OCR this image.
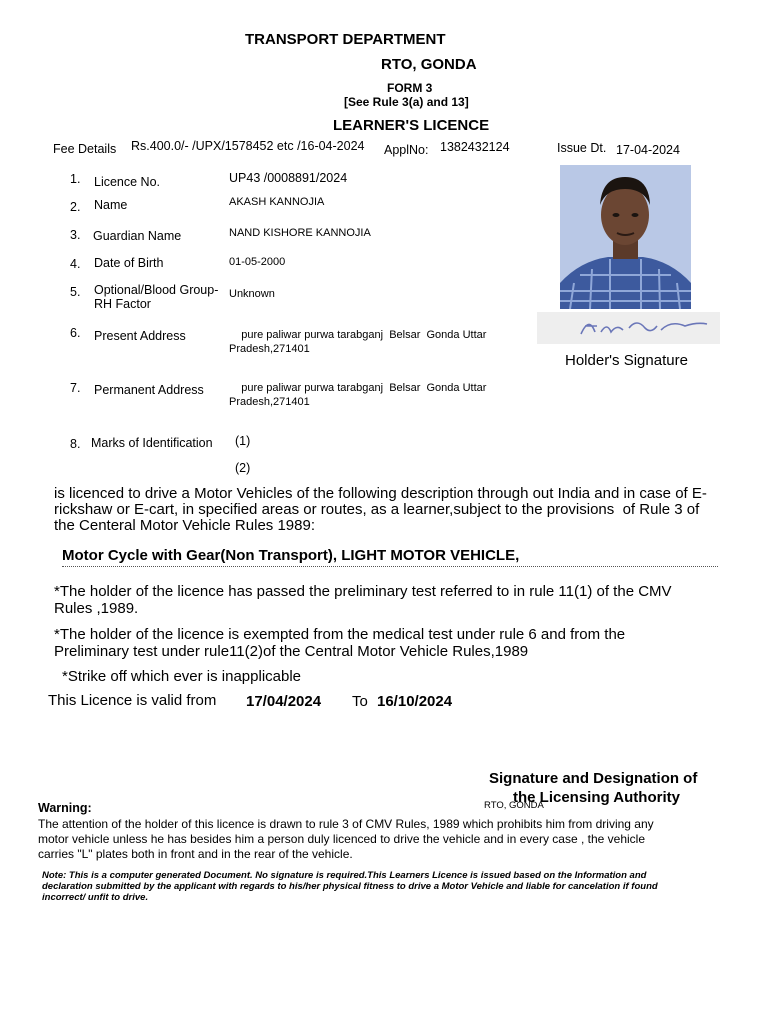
TRANSPORT DEPARTMENT
RTO, GONDA
FORM 3
[See Rule 3(a) and 13]
LEARNER'S LICENCE
Fee Details Rs.400.0/- /UPX/1578452 etc /16-04-2024 ApplNo: 1382432124	Issue Dt. 17-04-2024
1. Licence No.	UP43 /0008891/2024
2. Name	AKASH KANNOJIA
3. Guardian Name	NAND KISHORE KANNOJIA
4. Date of Birth	01-05-2000
5. Optional/Blood Group-
RH Factor
Unknown
6. Present Address	pure paliwar purwa tarabganj  Belsar  Gonda Uttar
Pradesh,271401
7. Permanent Address pure paliwar purwa tarabganj  Belsar  Gonda Uttar
Pradesh,271401
8. Marks of Identification (1)
(2)
Holder's Signature
is licenced to drive a Motor Vehicles of the following description through out India and in case of E-
rickshaw or E-cart, in specified areas or routes, as a learner,subject to the provisions  of Rule 3 of
the Centeral Motor Vehicle Rules 1989:
Motor Cycle with Gear(Non Transport), LIGHT MOTOR VEHICLE,
*The holder of the licence has passed the preliminary test referred to in rule 11(1) of the CMV
Rules ,1989.
*The holder of the licence is exempted from the medical test under rule 6 and from the
Preliminary test under rule11(2)of the Central Motor Vehicle Rules,1989
*Strike off which ever is inapplicable
This Licence is valid from 17/04/2024 To 16/10/2024
Signature and Designation of
the Licensing Authority
RTO, GONDA
Warning:
The attention of the holder of this licence is drawn to rule 3 of CMV Rules, 1989 which prohibits him from driving any
motor vehicle unless he has besides him a person duly licenced to drive the vehicle and in every case , the vehicle
carries "L" plates both in front and in the rear of the vehicle.
Note: This is a computer generated Document. No signature is required.This Learners Licence is issued based on the Information and
declaration submitted by the applicant with regards to his/her physical fitness to drive a Motor Vehicle and liable for cancelation if found
incorrect/ unfit to drive.
